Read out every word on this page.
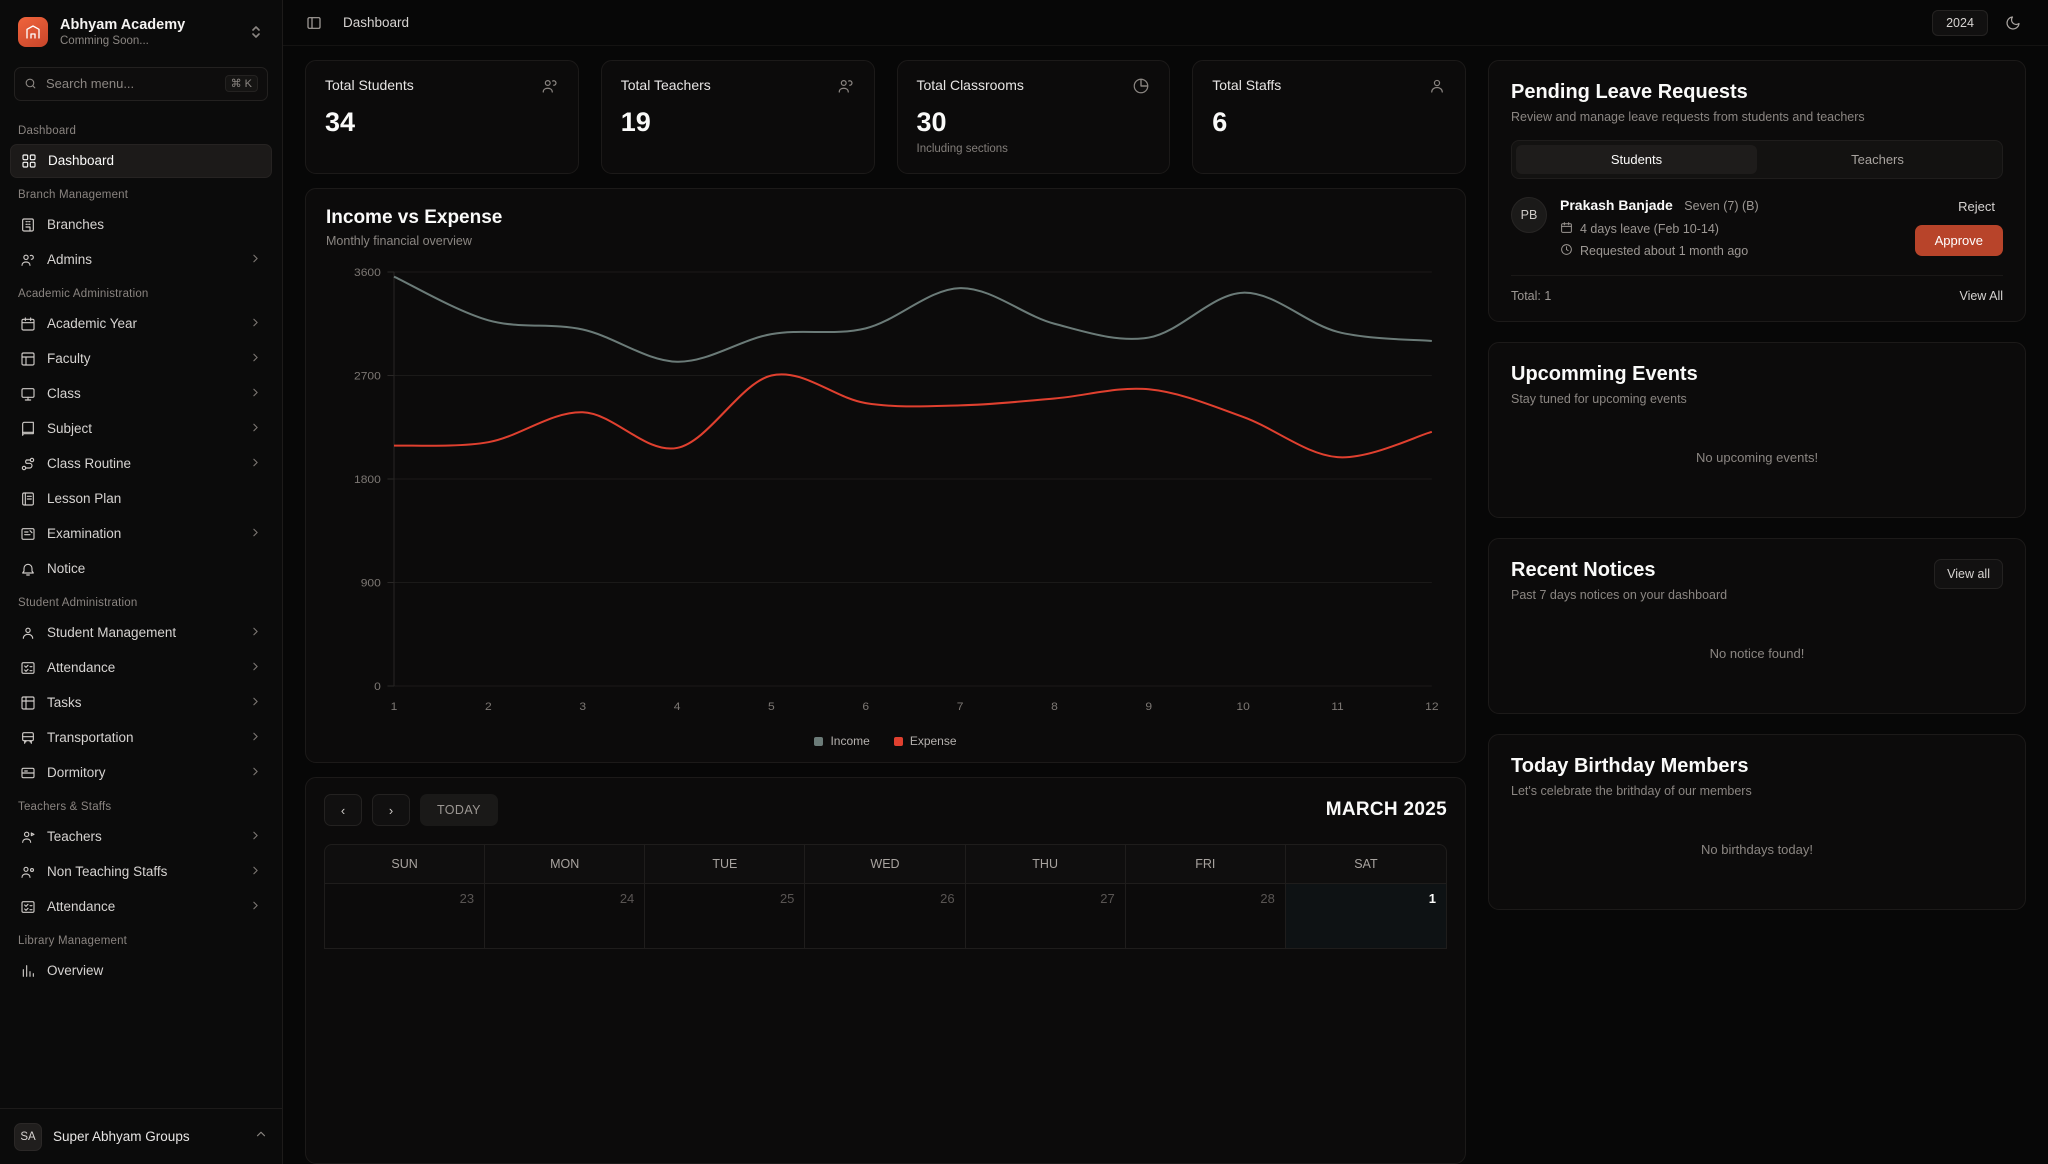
Abhyam Academy
Comming Soon...
Search menu...	⌘ K
Dashboard
Dashboard
Branch Management
Branches
Admins
Academic Administration
Academic Year
Faculty
Class
Subject
Class Routine
Lesson Plan
Examination
Notice
Student Administration
Student Management
Attendance
Tasks
Transportation
Dormitory
Teachers & Staffs
Teachers
Non Teaching Staffs
Attendance
Library Management
Overview
SA	Super Abhyam Groups
Dashboard	2024
Total Students
34
Total Teachers
19
Total Classrooms
30
Including sections
Total Staffs
6
Income vs Expense
Monthly financial overview
0
900
1800
2700
3600
1	2	3	4	5	6	7	8	9	10	11	12
Income	Expense
‹	›	TODAY	MARCH 2025
SUN	MON	TUE	WED	THU	FRI	SAT
23	24	25	26	27	28	1
Pending Leave Requests
Review and manage leave requests from students and teachers
Students	Teachers
PB
Prakash Banjade Seven (7) (B)
4 days leave (Feb 10-14)
Requested about 1 month ago
Reject
Approve
Total: 1	View All
Upcomming Events
Stay tuned for upcoming events
No upcoming events!
Recent Notices
Past 7 days notices on your dashboard
View all
No notice found!
Today Birthday Members
Let's celebrate the brithday of our members
No birthdays today!
